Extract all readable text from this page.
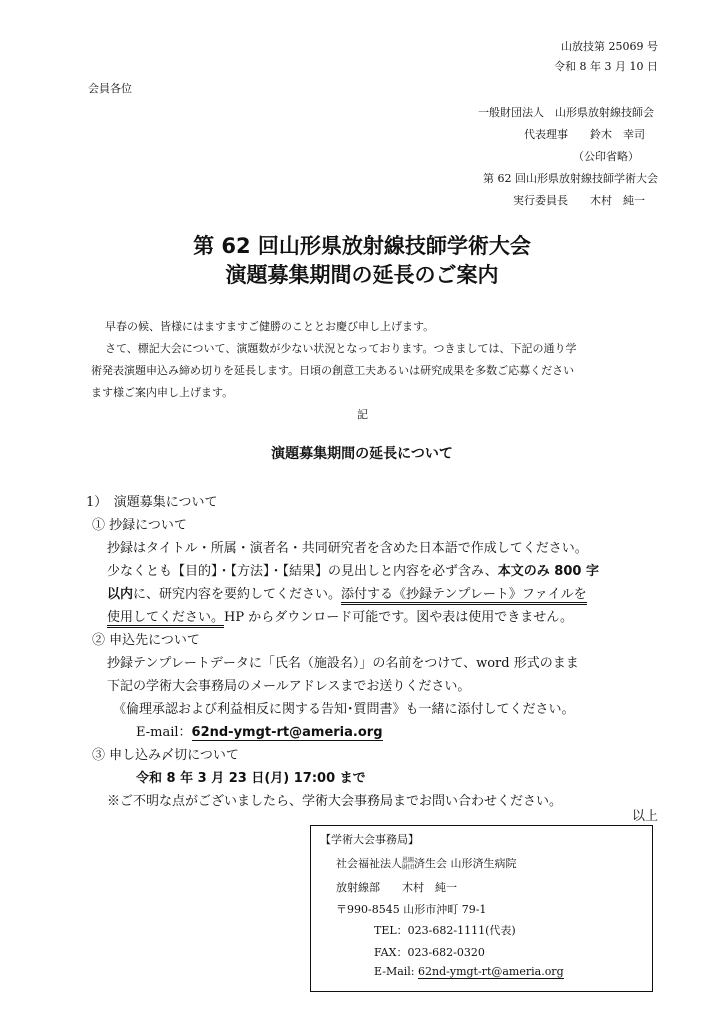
山放技第 25069 号
令和 8 年 3 月 10 日
会員各位
一般財団法人　山形県放射線技師会
代表理事　　鈴木　幸司
（公印省略）
第 62 回山形県放射線技師学術大会
実行委員長　　木村　純一
第 62 回山形県放射線技師学術大会
演題募集期間の延長のご案内
早春の候、皆様にはますますご健勝のこととお慶び申し上げます。
さて、標記大会について、演題数が少ない状況となっております。つきましては、下記の通り学
術発表演題申込み締め切りを延長します。日頃の創意工夫あるいは研究成果を多数ご応募ください
ます様ご案内申し上げます。
記
演題募集期間の延長について
1）　演題募集について
① 抄録について
抄録はタイトル・所属・演者名・共同研究者を含めた日本語で作成してください。
少なくとも【目的】・【方法】・【結果】の見出しと内容を必ず含み、本文のみ 800 字
以内に、研究内容を要約してください。添付する《抄録テンプレート》ファイルを
使用してください。HP からダウンロード可能です。図や表は使用できません。
② 申込先について
抄録テンプレートデータに「氏名（施設名）」の名前をつけて、word 形式のまま
下記の学術大会事務局のメールアドレスまでお送りください。
《倫理承認および利益相反に関する告知･質問書》も一緒に添付してください。
E-mail：62nd-ymgt-rt@ameria.org
③ 申し込み〆切について
令和 8 年 3 月 23 日(月) 17:00 まで
※ご不明な点がございましたら、学術大会事務局までお問い合わせください。
以上
【学術大会事務局】
社会福祉法人恩賜財団済生会 山形済生病院
放射線部　　木村　純一
〒990-8545 山形市沖町 79-1
TEL：023-682-1111(代表)
FAX：023-682-0320
E-Mail: 62nd-ymgt-rt@ameria.org
